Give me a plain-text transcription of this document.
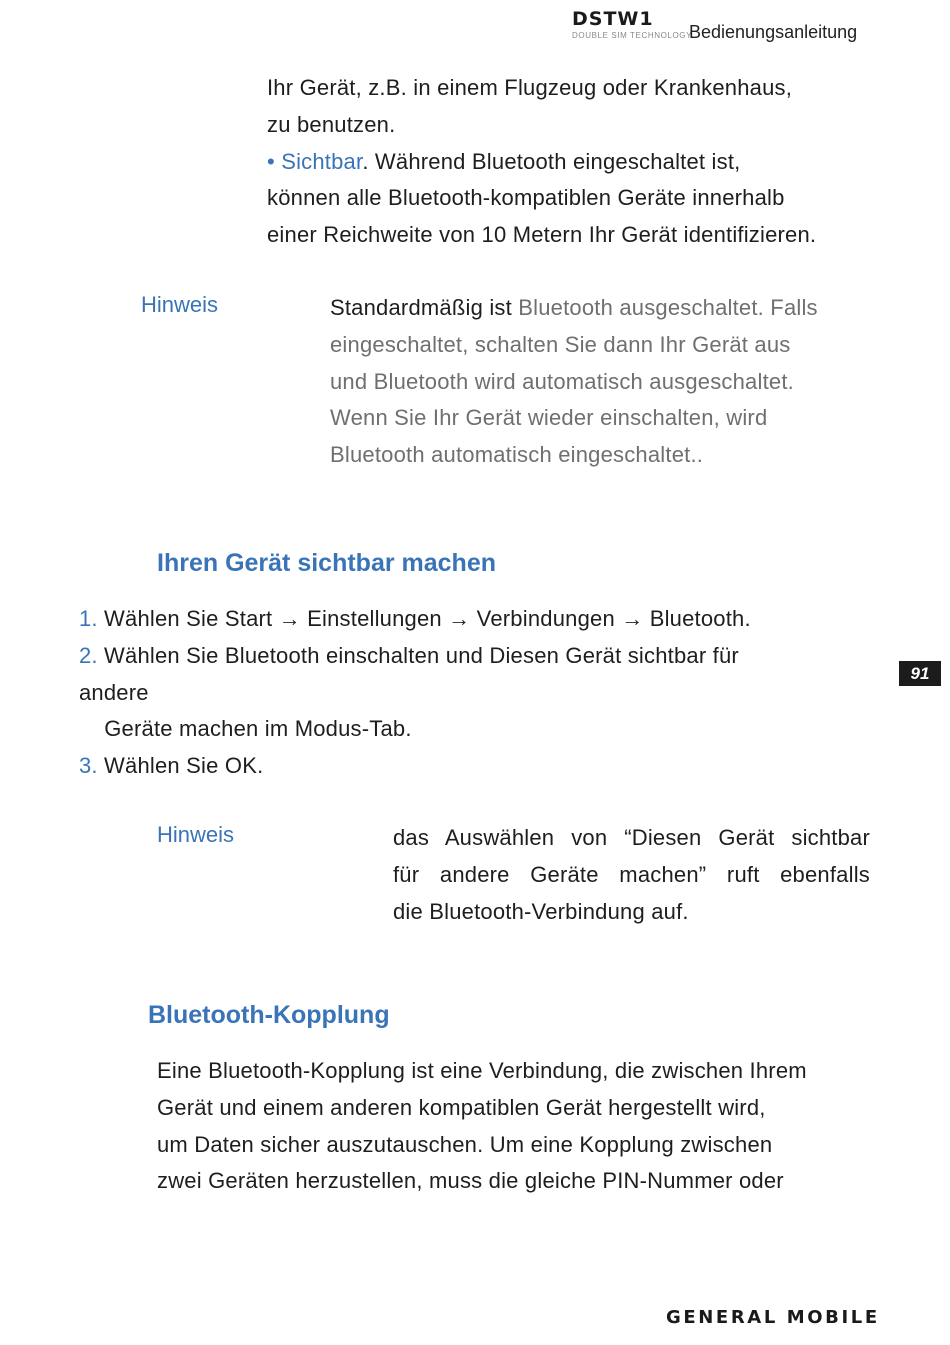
DSTW1
DOUBLE SIM TECHNOLOGY
Bedienungsanleitung

Ihr Gerät, z.B. in einem Flugzeug oder Krankenhaus,

zu benutzen.

• Sichtbar. Während Bluetooth eingeschaltet ist,

können alle Bluetooth-kompatiblen Geräte innerhalb

einer Reichweite von 10 Metern Ihr Gerät identifizieren.

Hinweis	Standardmäßig ist Bluetooth ausgeschaltet. Falls

eingeschaltet, schalten Sie dann Ihr Gerät aus

und Bluetooth wird automatisch ausgeschaltet.

Wenn Sie Ihr Gerät wieder einschalten, wird

Bluetooth automatisch eingeschaltet..

Ihren Gerät sichtbar machen

1. Wählen Sie Start → Einstellungen → Verbindungen → Bluetooth.

2. Wählen Sie Bluetooth einschalten und Diesen Gerät sichtbar für

andere

Geräte machen im Modus-Tab.

3. Wählen Sie OK.

Hinweis	das Auswählen von “Diesen Gerät sichtbar

für andere Geräte machen” ruft ebenfalls

die Bluetooth-Verbindung auf.

Bluetooth-Kopplung

Eine Bluetooth-Kopplung ist eine Verbindung, die zwischen Ihrem

Gerät und einem anderen kompatiblen Gerät hergestellt wird,

um Daten sicher auszutauschen. Um eine Kopplung zwischen

zwei Geräten herzustellen, muss die gleiche PIN-Nummer oder

91
GENERAL MOBILE
